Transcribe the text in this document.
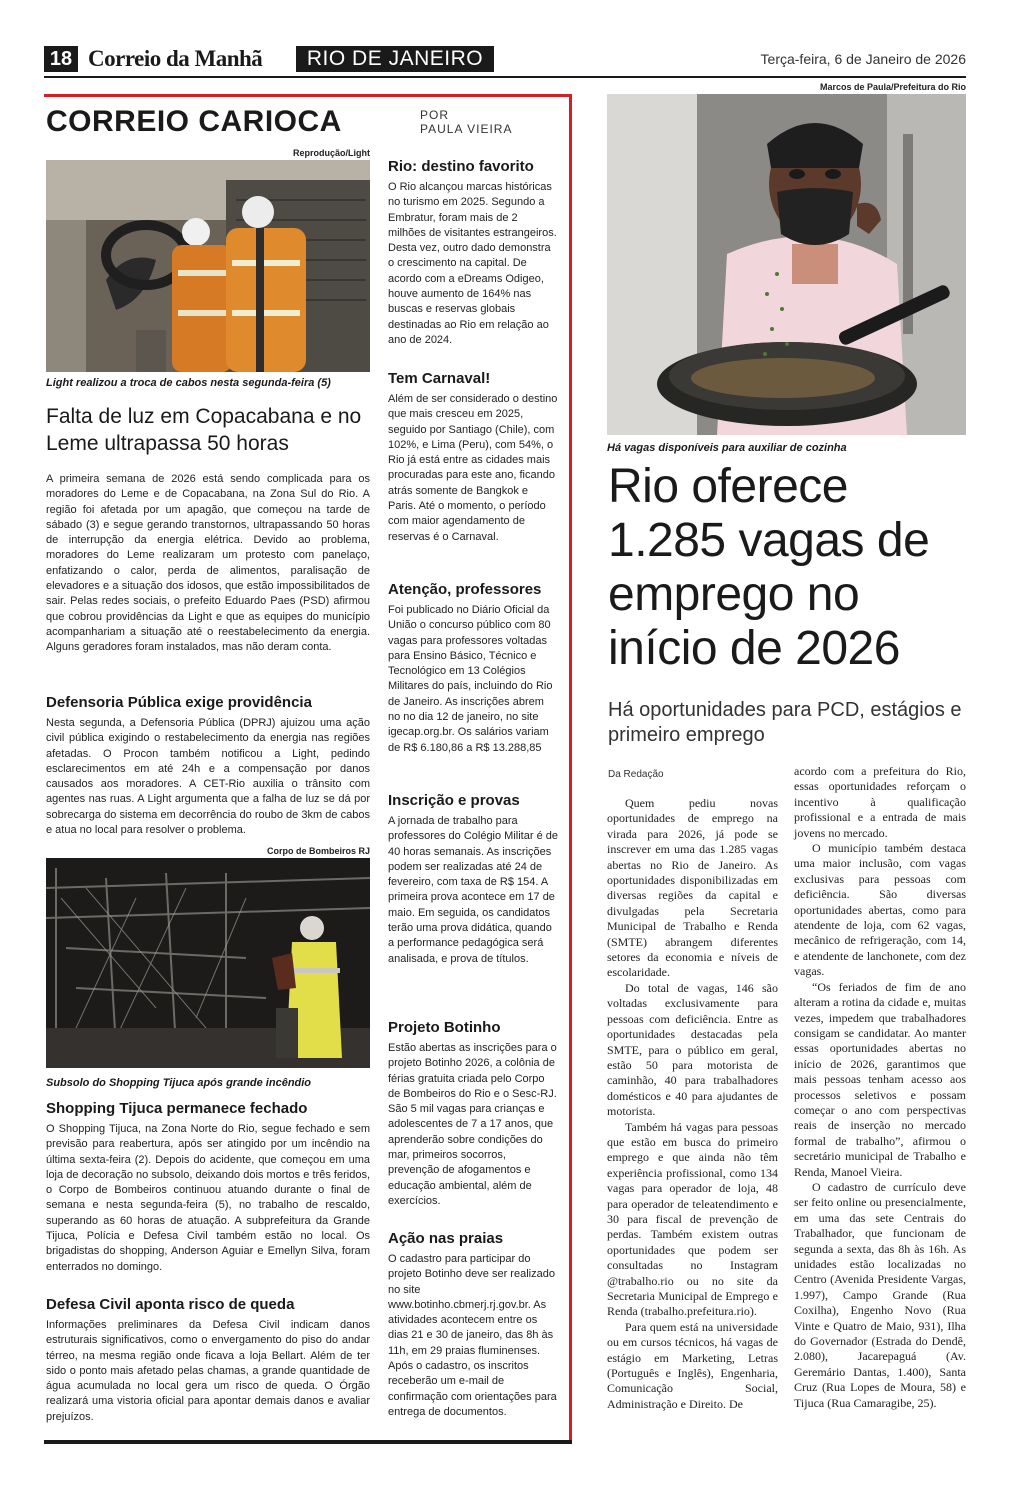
18 Correio da Manhã	RIO DE JANEIRO	Terça-feira, 6 de Janeiro de 2026
CORREIO CARIOCA	POR
PAULA VIEIRA
Reprodução/Light
Light realizou a troca de cabos nesta segunda-feira (5)
Falta de luz em Copacabana e no Leme ultrapassa 50 horas
A primeira semana de 2026 está sendo complicada para os moradores do Leme e de Copacabana, na Zona Sul do Rio. A região foi afetada por um apagão, que começou na tarde de sábado (3) e segue gerando transtornos, ultrapassando 50 horas de interrupção da energia elétrica. Devido ao problema, moradores do Leme realizaram um protesto com panelaço, enfatizando o calor, perda de alimentos, paralisação de elevadores e a situação dos idosos, que estão impossibilitados de sair. Pelas redes sociais, o prefeito Eduardo Paes (PSD) afirmou que cobrou providências da Light e que as equipes do município acompanhariam a situação até o reestabelecimento da energia. Alguns geradores foram instalados, mas não deram conta.
Defensoria Pública exige providência
Nesta segunda, a Defensoria Pública (DPRJ) ajuizou uma ação civil pública exigindo o restabelecimento da energia nas regiões afetadas. O Procon também notificou a Light, pedindo esclarecimentos em até 24h e a compensação por danos causados aos moradores. A CET-Rio auxilia o trânsito com agentes nas ruas. A Light argumenta que a falha de luz se dá por sobrecarga do sistema em decorrência do roubo de 3km de cabos e atua no local para resolver o problema.
Corpo de Bombeiros RJ
Subsolo do Shopping Tijuca após grande incêndio
Shopping Tijuca permanece fechado
O Shopping Tijuca, na Zona Norte do Rio, segue fechado e sem previsão para reabertura, após ser atingido por um incêndio na última sexta-feira (2). Depois do acidente, que começou em uma loja de decoração no subsolo, deixando dois mortos e três feridos, o Corpo de Bombeiros continuou atuando durante o final de semana e nesta segunda-feira (5), no trabalho de rescaldo, superando as 60 horas de atuação. A subprefeitura da Grande Tijuca, Polícia e Defesa Civil também estão no local. Os brigadistas do shopping, Anderson Aguiar e Emellyn Silva, foram enterrados no domingo.
Defesa Civil aponta risco de queda
Informações preliminares da Defesa Civil indicam danos estruturais significativos, como o envergamento do piso do andar térreo, na mesma região onde ficava a loja Bellart. Além de ter sido o ponto mais afetado pelas chamas, a grande quantidade de água acumulada no local gera um risco de queda. O Órgão realizará uma vistoria oficial para apontar demais danos e avaliar prejuízos.
Rio: destino favorito
O Rio alcançou marcas históricas no turismo em 2025. Segundo a Embratur, foram mais de 2 milhões de visitantes estrangeiros. Desta vez, outro dado demonstra o crescimento na capital. De acordo com a eDreams Odigeo, houve aumento de 164% nas buscas e reservas globais destinadas ao Rio em relação ao ano de 2024.
Tem Carnaval!
Além de ser considerado o destino que mais cresceu em 2025, seguido por Santiago (Chile), com 102%, e Lima (Peru), com 54%, o Rio já está entre as cidades mais procuradas para este ano, ficando atrás somente de Bangkok e Paris. Até o momento, o período com maior agendamento de reservas é o Carnaval.
Atenção, professores
Foi publicado no Diário Oficial da União o concurso público com 80 vagas para professores voltadas para Ensino Básico, Técnico e Tecnológico em 13 Colégios Militares do país, incluindo do Rio de Janeiro. As inscrições abrem no no dia 12 de janeiro, no site igecap.org.br. Os salários variam de R$ 6.180,86 a R$ 13.288,85
Inscrição e provas
A jornada de trabalho para professores do Colégio Militar é de 40 horas semanais. As inscrições podem ser realizadas até 24 de fevereiro, com taxa de R$ 154. A primeira prova acontece em 17 de maio. Em seguida, os candidatos terão uma prova didática, quando a performance pedagógica será analisada, e prova de títulos.
Projeto Botinho
Estão abertas as inscrições para o projeto Botinho 2026, a colônia de férias gratuita criada pelo Corpo de Bombeiros do Rio e o Sesc-RJ. São 5 mil vagas para crianças e adolescentes de 7 a 17 anos, que aprenderão sobre condições do mar, primeiros socorros, prevenção de afogamentos e educação ambiental, além de exercícios.
Ação nas praias
O cadastro para participar do projeto Botinho deve ser realizado no site www.botinho.cbmerj.rj.gov.br. As atividades acontecem entre os dias 21 e 30 de janeiro, das 8h às 11h, em 29 praias fluminenses. Após o cadastro, os inscritos receberão um e-mail de confirmação com orientações para entrega de documentos.
Marcos de Paula/Prefeitura do Rio
Há vagas disponíveis para auxiliar de cozinha
Rio oferece 1.285 vagas de emprego no início de 2026
Há oportunidades para PCD, estágios e primeiro emprego
Da Redação

Quem pediu novas oportunidades de emprego na virada para 2026, já pode se inscrever em uma das 1.285 vagas abertas no Rio de Janeiro. As oportunidades disponibilizadas em diversas regiões da capital e divulgadas pela Secretaria Municipal de Trabalho e Renda (SMTE) abrangem diferentes setores da economia e níveis de escolaridade.

Do total de vagas, 146 são voltadas exclusivamente para pessoas com deficiência. Entre as oportunidades destacadas pela SMTE, para o público em geral, estão 50 para motorista de caminhão, 40 para trabalhadores domésticos e 40 para ajudantes de motorista.

Também há vagas para pessoas que estão em busca do primeiro emprego e que ainda não têm experiência profissional, como 134 vagas para operador de loja, 48 para operador de teleatendimento e 30 para fiscal de prevenção de perdas. Também existem outras oportunidades que podem ser consultadas no Instagram @trabalho.rio ou no site da Secretaria Municipal de Emprego e Renda (trabalho.prefeitura.rio).

Para quem está na universidade ou em cursos técnicos, há vagas de estágio em Marketing, Letras (Português e Inglês), Engenharia, Comunicação Social, Administração e Direito. De

acordo com a prefeitura do Rio, essas oportunidades reforçam o incentivo à qualificação profissional e a entrada de mais jovens no mercado.

O município também destaca uma maior inclusão, com vagas exclusivas para pessoas com deficiência. São diversas oportunidades abertas, como para atendente de loja, com 62 vagas, mecânico de refrigeração, com 14, e atendente de lanchonete, com dez vagas.

“Os feriados de fim de ano alteram a rotina da cidade e, muitas vezes, impedem que trabalhadores consigam se candidatar. Ao manter essas oportunidades abertas no início de 2026, garantimos que mais pessoas tenham acesso aos processos seletivos e possam começar o ano com perspectivas reais de inserção no mercado formal de trabalho”, afirmou o secretário municipal de Trabalho e Renda, Manoel Vieira.

O cadastro de currículo deve ser feito online ou presencialmente, em uma das sete Centrais do Trabalhador, que funcionam de segunda a sexta, das 8h às 16h. As unidades estão localizadas no Centro (Avenida Presidente Vargas, 1.997), Campo Grande (Rua Coxilha), Engenho Novo (Rua Vinte e Quatro de Maio, 931), Ilha do Governador (Estrada do Dendê, 2.080), Jacarepaguá (Av. Geremário Dantas, 1.400), Santa Cruz (Rua Lopes de Moura, 58) e Tijuca (Rua Camaragibe, 25).
